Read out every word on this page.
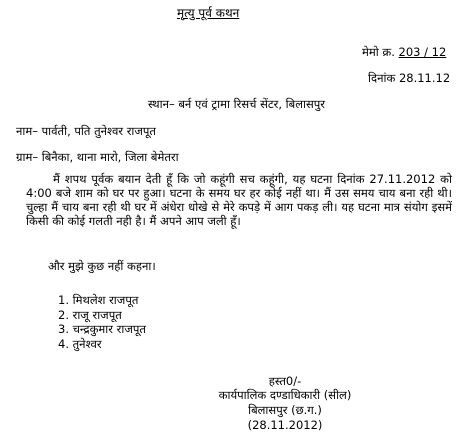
मृत्यु पूर्व कथन
मेमो क्र. 203 / 12
दिनांक 28.11.12
स्थान– बर्न एवं ट्रामा रिसर्च सेंटर, बिलासपुर
नाम– पार्वती, पति तुनेश्वर राजपूत
ग्राम– बिनैका, थाना मारो, जिला बेमेतरा
मैं शपथ पूर्वक बयान देती हूँ कि जो कहूंगी सच कहूंगी, यह घटना दिनांक 27.11.2012 को 4:00 बजे शाम को घर पर हुआ। घटना के समय घर हर कोई नहीं था। मैं उस समय चाय बना रही थी। चुल्हा मैं चाय बना रही थी घर में अंधेरा धोखे से मेरे कपड़े में आग पकड़ ली। यह घटना मात्र संयोग इसमें किसी की कोई गलती नही है। मैं अपने आप जली हूँ।
और मुझे कुछ नहीं कहना।
1. मिथलेश राजपूत
2. राजू राजपूत
3. चन्द्रकुमार राजपूत
4. तुनेश्वर
हस्त0/-
कार्यपालिक दण्डाधिकारी (सील)
बिलासपुर (छ.ग.)
(28.11.2012)
